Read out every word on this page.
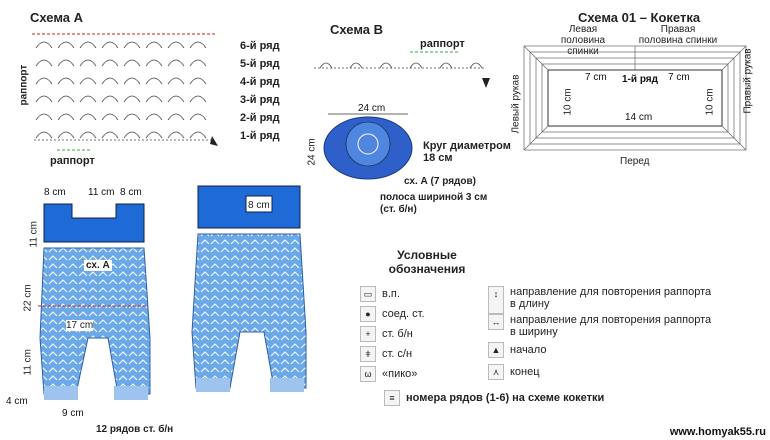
Схема А
раппорт
6-й ряд
5-й ряд
4-й ряд
3-й ряд
2-й ряд
1-й ряд
раппорт
Схема В
раппорт
Схема 01 – Кокетка
Левая половина спинки
Правая половина спинки
7 cm	7 cm
1-й ряд
10 cm	10 cm
14 cm
Левый рукав	Правый рукав
Перед
24 cm
24 cm	Круг диаметром 18 см
сх. А (7 рядов)
полоса шириной 3 см (ст. б/н)
8 cm 11 cm 8 cm
11 cm
сх. А
22 cm
17 cm
11 cm
4 cm
9 cm
12 рядов ст. б/н
8 cm
Условные обозначения
▭ в.п.
● соед. ст.
+ ст. б/н
ǂ ст. с/н
ω «пико»
↕	направление для повторения раппорта в длину
↔ направление для повторения раппорта в ширину
▲ начало
⋏ конец
≡ номера рядов (1-6) на схеме кокетки
www.homyak55.ru
